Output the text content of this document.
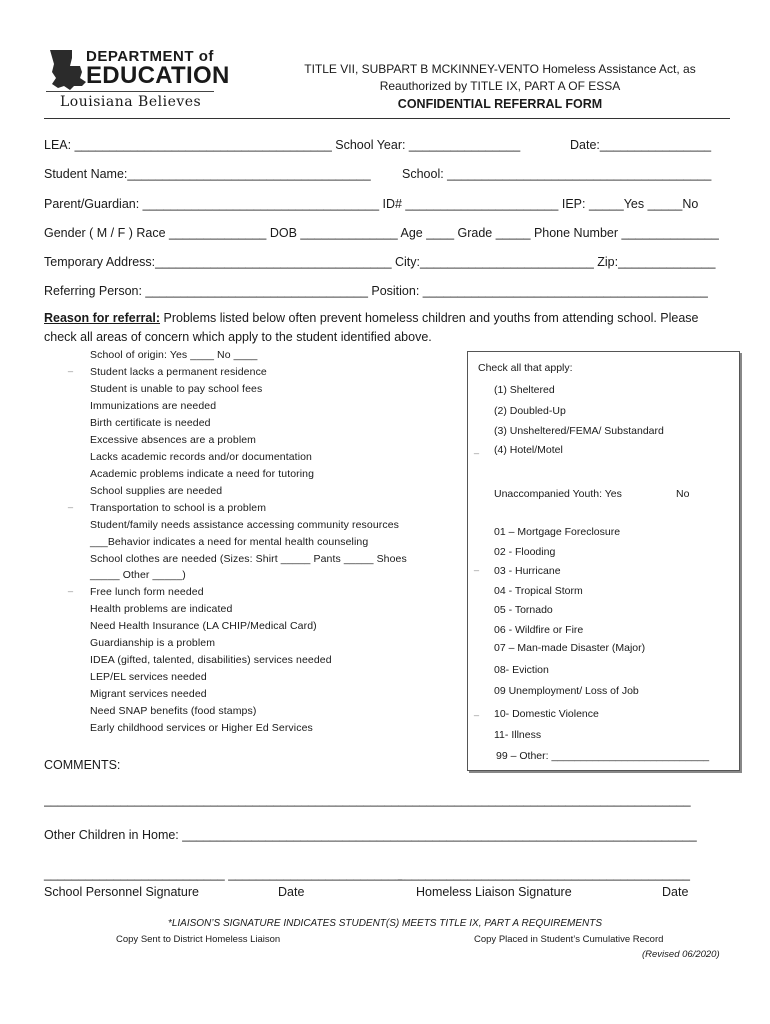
DEPARTMENT of
EDUCATION
Louisiana Believes
TITLE VII, SUBPART B MCKINNEY-VENTO Homeless Assistance Act, as
Reauthorized by TITLE IX, PART A OF ESSA
CONFIDENTIAL REFERRAL FORM
LEA: _____________________________________ School Year: ________________	Date:________________
Student Name:___________________________________	School: ______________________________________
Parent/Guardian: __________________________________ ID# ______________________ IEP: _____Yes _____No
Gender ( M / F ) Race ______________ DOB ______________ Age ____ Grade _____ Phone Number ______________
Temporary Address:__________________________________ City:_________________________ Zip:______________
Referring Person: ________________________________ Position: _________________________________________
Reason for referral: Problems listed below often prevent homeless children and youths from attending school. Please
check all areas of concern which apply to the student identified above.
School of origin: Yes ____ No ____
Student lacks a permanent residence
Student is unable to pay school fees
Immunizations are needed
Birth certificate is needed
Excessive absences are a problem
Lacks academic records and/or documentation
Academic problems indicate a need for tutoring
School supplies are needed
Transportation to school is a problem
Student/family needs assistance accessing community resources
___Behavior indicates a need for mental health counseling
School clothes are needed (Sizes: Shirt _____ Pants _____ Shoes
_____ Other _____)
Free lunch form needed
Health problems are indicated
Need Health Insurance (LA CHIP/Medical Card)
Guardianship is a problem
IDEA (gifted, talented, disabilities) services needed
LEP/EL services needed
Migrant services needed
Need SNAP benefits (food stamps)
Early childhood services or Higher Ed Services
_
_
_
Check all that apply:
(1) Sheltered
(2) Doubled-Up
(3) Unsheltered/FEMA/ Substandard
(4) Hotel/Motel
_
Unaccompanied Youth: Yes	No
01 – Mortgage Foreclosure
02 - Flooding
03 - Hurricane
_
04 - Tropical Storm
05 - Tornado
06 - Wildfire or Fire
07 – Man-made Disaster (Major)
08- Eviction
09 Unemployment/ Loss of Job
10- Domestic Violence
_
11- Illness
99 – Other: ___________________________
COMMENTS:
_____________________________________________________________________________________________
Other Children in Home: __________________________________________________________________________
__________________________ _________________________
__________________________________________
School Personnel Signature	Date	Homeless Liaison Signature	Date
*LIAISON’S SIGNATURE INDICATES STUDENT(S) MEETS TITLE IX, PART A REQUIREMENTS
Copy Sent to District Homeless Liaison	Copy Placed in Student’s Cumulative Record
(Revised 06/2020)
